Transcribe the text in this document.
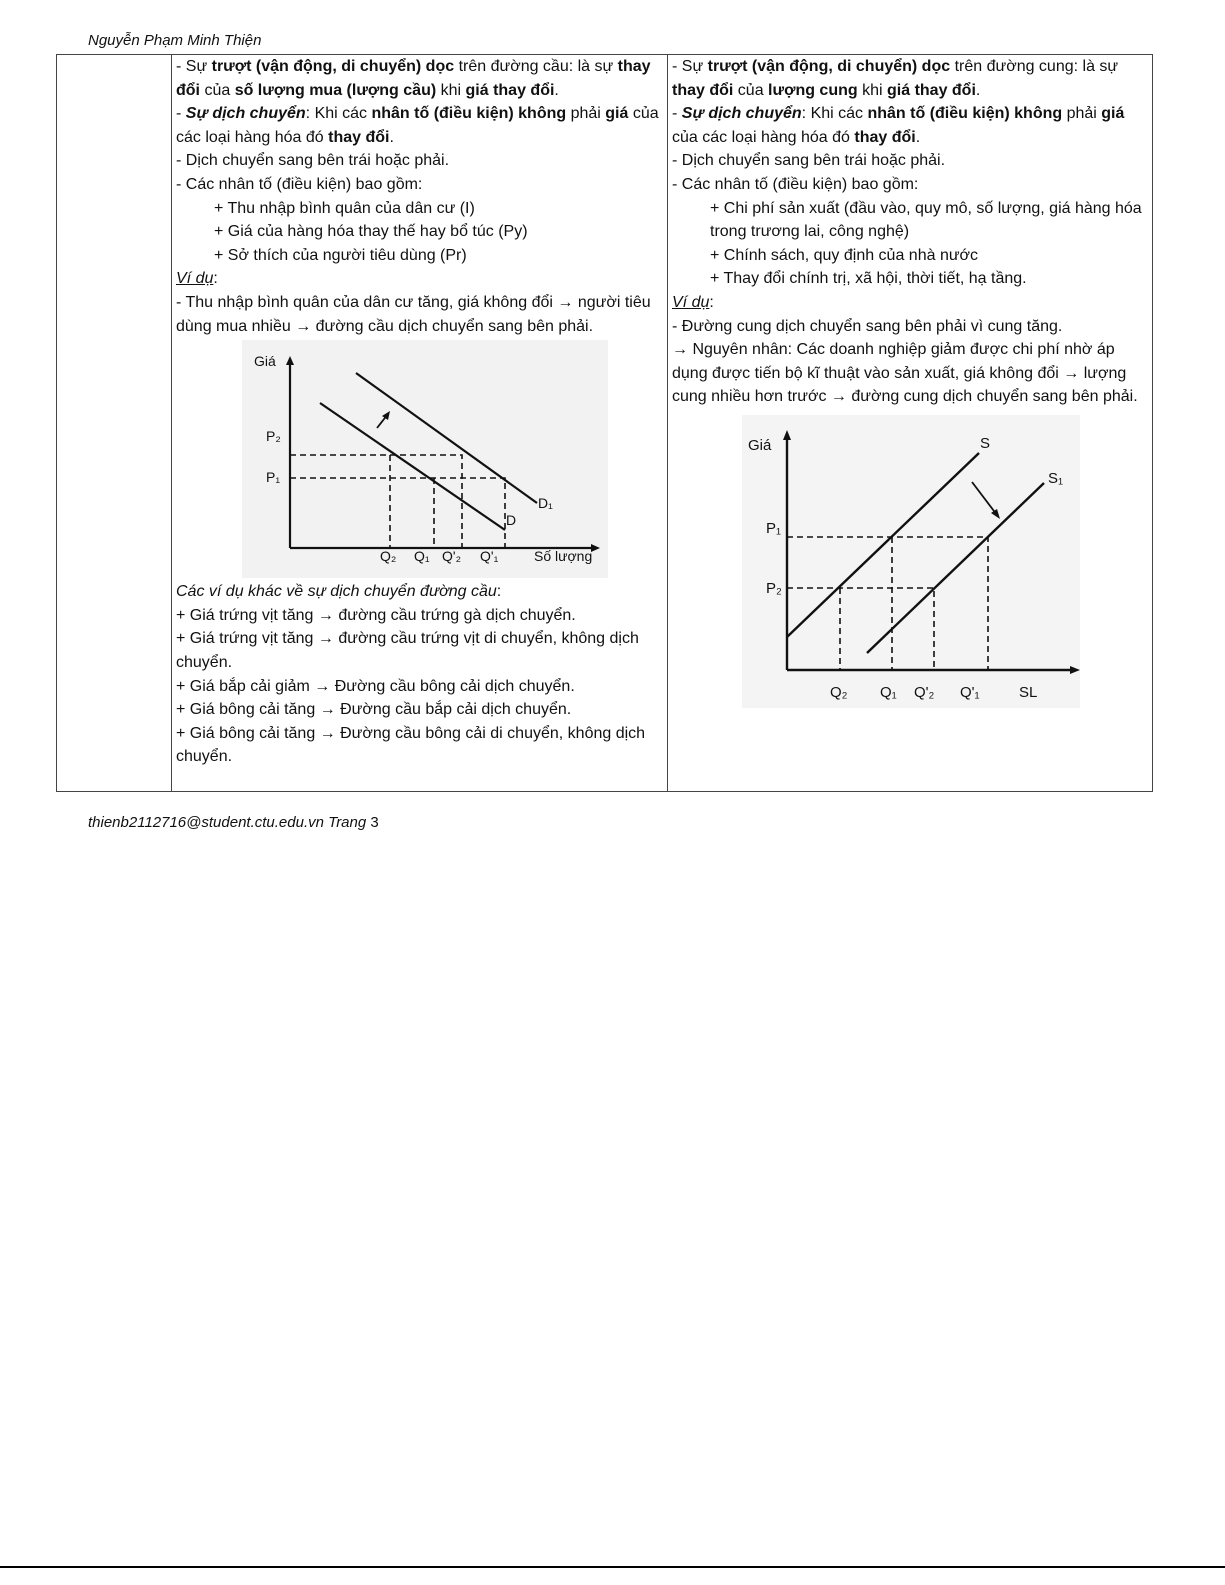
Nguyễn Phạm Minh Thiện

- Sự trượt (vận động, di chuyển) dọc trên đường cầu: là sự thay đổi của số lượng mua (lượng cầu) khi giá thay đổi.
- Sự dịch chuyển: Khi các nhân tố (điều kiện) không phải giá của các loại hàng hóa đó thay đổi.
- Dịch chuyển sang bên trái hoặc phải.
- Các nhân tố (điều kiện) bao gồm:
+ Thu nhập bình quân của dân cư (I)
+ Giá của hàng hóa thay thế hay bổ túc (Py)
+ Sở thích của người tiêu dùng (Pr)
Ví dụ:
- Thu nhập bình quân của dân cư tăng, giá không đổi → người tiêu dùng mua nhiều → đường cầu dịch chuyển sang bên phải.
Giá
P₂
P₁
Q₂ Q₁ Q'₂ Q'₁	Số lượng
D
D₁
Các ví dụ khác về sự dịch chuyển đường cầu:
+ Giá trứng vịt tăng → đường cầu trứng gà dịch chuyển.
+ Giá trứng vịt tăng → đường cầu trứng vịt di chuyển, không dịch chuyển.
+ Giá bắp cải giảm → Đường cầu bông cải dịch chuyển.
+ Giá bông cải tăng → Đường cầu bắp cải dịch chuyển.
+ Giá bông cải tăng → Đường cầu bông cải di chuyển, không dịch chuyển.

- Sự trượt (vận động, di chuyển) dọc trên đường cung: là sự thay đổi của lượng cung khi giá thay đổi.
- Sự dịch chuyển: Khi các nhân tố (điều kiện) không phải giá của các loại hàng hóa đó thay đổi.
- Dịch chuyển sang bên trái hoặc phải.
- Các nhân tố (điều kiện) bao gồm:
+ Chi phí sản xuất (đầu vào, quy mô, số lượng, giá hàng hóa trong trương lai, công nghệ)
+ Chính sách, quy định của nhà nước
+ Thay đổi chính trị, xã hội, thời tiết, hạ tầng.
Ví dụ:
- Đường cung dịch chuyển sang bên phải vì cung tăng.
→ Nguyên nhân: Các doanh nghiệp giảm được chi phí nhờ áp dụng được tiến bộ kĩ thuật vào sản xuất, giá không đổi → lượng cung nhiều hơn trước → đường cung dịch chuyển sang bên phải.
Giá	S
S₁
P₁
P₂
Q₂ Q₁ Q'₂ Q'₁	SL
thienb2112716@student.ctu.edu.vn Trang 3
